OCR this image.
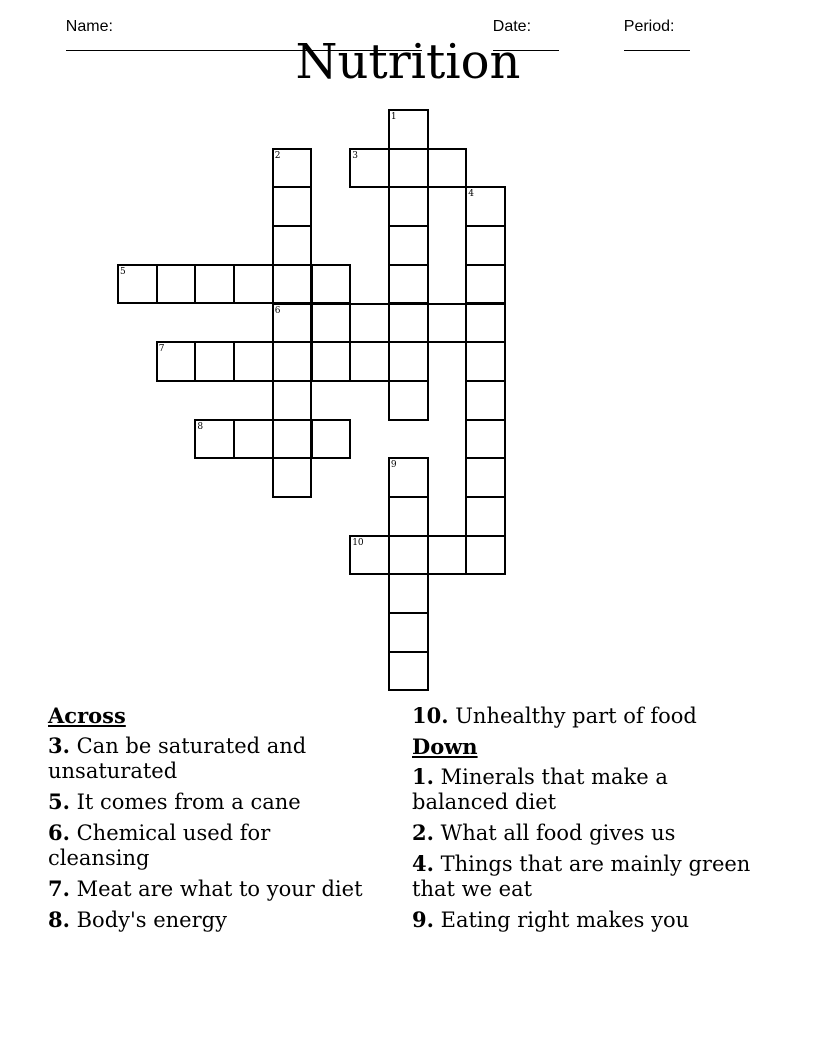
Name:

	Date:

	Period:

Nutrition
1
2
6
3
4
5
7
8
9
10
Across
3. Can be saturated and unsaturated
5. It comes from a cane
6. Chemical used for cleansing
7. Meat are what to your diet
8. Body's energy
10. Unhealthy part of food
Down
1. Minerals that make a balanced diet
2. What all food gives us
4. Things that are mainly green that we eat
9. Eating right makes you
